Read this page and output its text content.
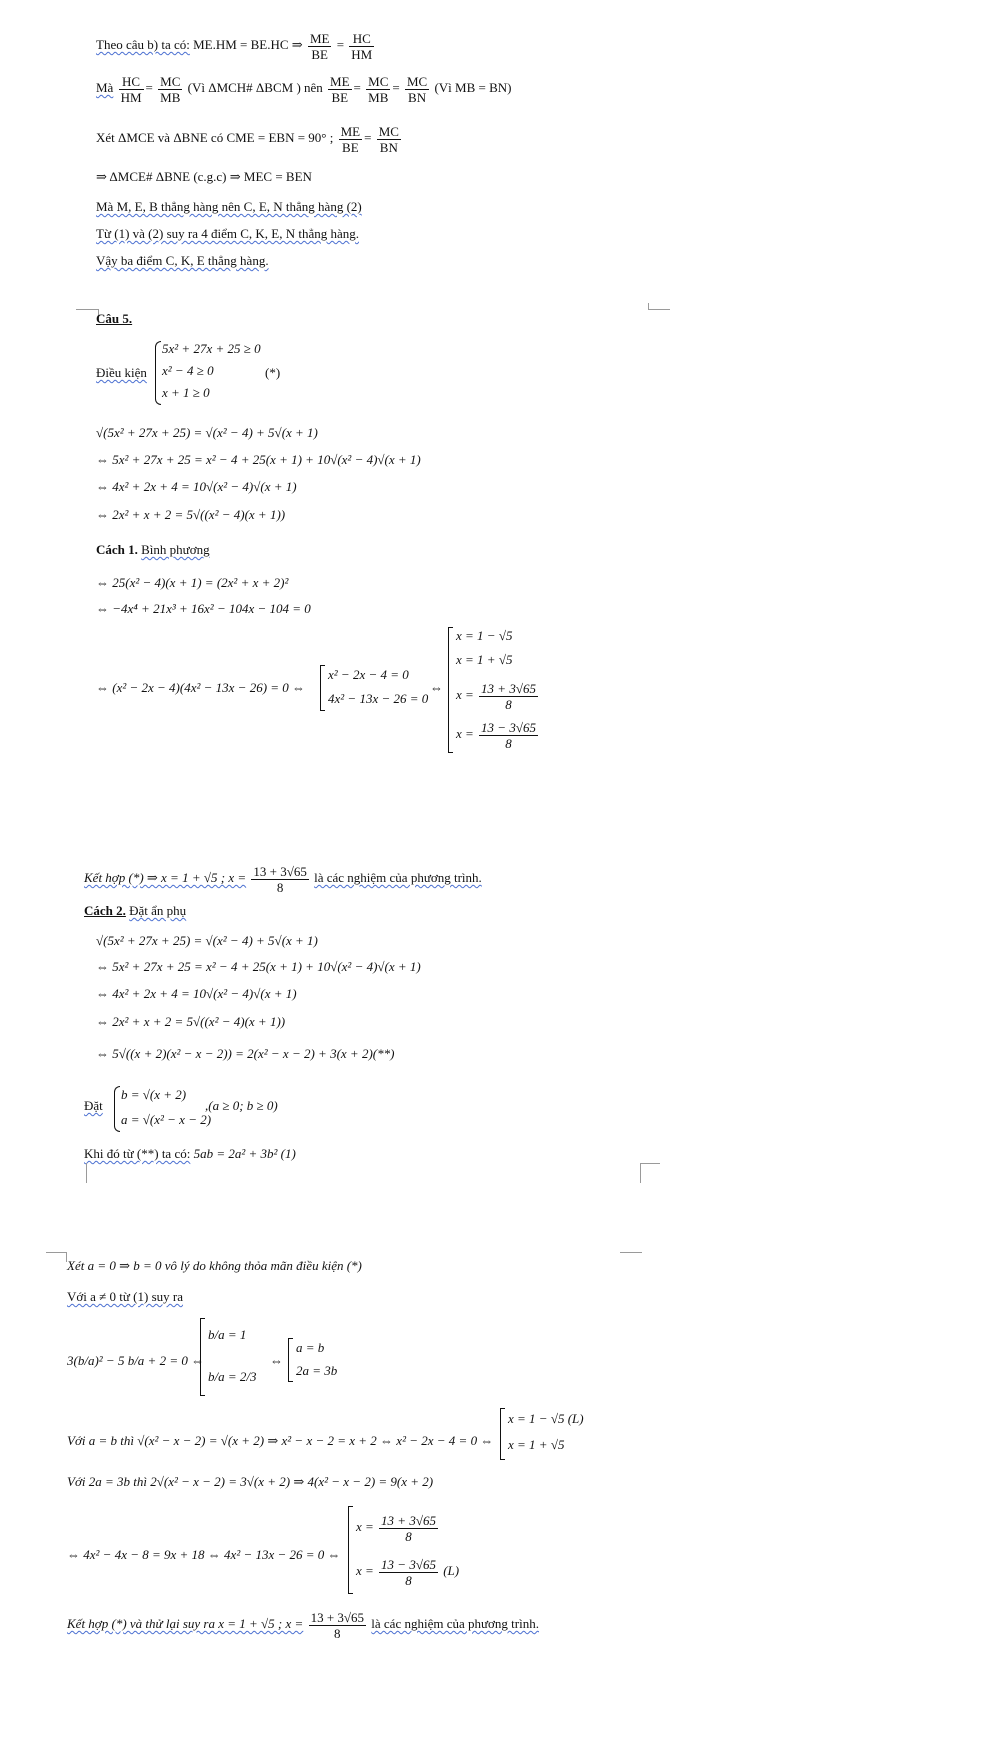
Theo câu b) ta có: ME.HM = BE.HC ⇒ $\frac{ME}{BE} = \frac{HC}{HM}$
Mà $\frac{HC}{HM} = \frac{MC}{MB}$ (Vì ΔMCH# ΔBCM ) nên $\frac{ME}{BE} = \frac{MC}{MB} = \frac{MC}{BN}$ (Vì MB = BN)
Xét ΔMCE và ΔBNE có CME = EBN = 90° ; $\frac{ME}{BE} = \frac{MC}{BN}$
⇒ ΔMCE# ΔBNE (c.g.c) ⇒ MEC = BEN
Mà M, E, B thẳng hàng nên C, E, N thẳng hàng (2)
Từ (1) và (2) suy ra 4 điểm C, K, E, N thẳng hàng.
Vậy ba điểm C, K, E thẳng hàng.
Câu 5.
Điều kiện
5x² + 27x + 25 ≥ 0
x² − 4 ≥ 0
x + 1 ≥ 0
(*)
√(5x² + 27x + 25) = √(x² − 4) + 5√(x + 1)
⇔ 5x² + 27x + 25 = x² − 4 + 25(x + 1) + 10√(x² − 4)√(x + 1)
⇔ 4x² + 2x + 4 = 10√(x² − 4)√(x + 1)
⇔ 2x² + x + 2 = 5√((x² − 4)(x + 1))
Cách 1. Bình phương
⇔ 25(x² − 4)(x + 1) = (2x² + x + 2)²
⇔ −4x⁴ + 21x³ + 16x² − 104x − 104 = 0
⇔ (x² − 2x − 4)(4x² − 13x − 26) = 0 ⇔
x² − 2x − 4 = 0
4x² − 13x − 26 = 0
⇔
x = 1 − √5
x = 1 + √5
$x = \frac{13 + 3√65}{8}$
$x = \frac{13 - 3√65}{8}$
Kết hợp (*) ⇒ x = 1 + √5 ; $x = \frac{13 + 3√65}{8}$ là các nghiệm của phương trình.
Cách 2. Đặt ẩn phụ
√(5x² + 27x + 25) = √(x² − 4) + 5√(x + 1)
⇔ 5x² + 27x + 25 = x² − 4 + 25(x + 1) + 10√(x² − 4)√(x + 1)
⇔ 4x² + 2x + 4 = 10√(x² − 4)√(x + 1)
⇔ 2x² + x + 2 = 5√((x² − 4)(x + 1))
⇔ 5√((x + 2)(x² − x − 2)) = 2(x² − x − 2) + 3(x + 2)(**)
Đặt
b = √(x + 2)
a = √(x² − x − 2)
,(a ≥ 0; b ≥ 0)
Khi đó từ (**) ta có: 5ab = 2a² + 3b² (1)
Xét a = 0 ⇒ b = 0 vô lý do không thỏa mãn điều kiện (*)
Với a ≠ 0 từ (1) suy ra
3(b/a)² − 5 b/a + 2 = 0 ⇔
b/a = 1
b/a = 2/3
⇔
a = b
2a = 3b
Với a = b thì √(x² − x − 2) = √(x + 2) ⇒ x² − x − 2 = x + 2 ⇔ x² − 2x − 4 = 0 ⇔
x = 1 − √5 (L)
x = 1 + √5
Với 2a = 3b thì 2√(x² − x − 2) = 3√(x + 2) ⇒ 4(x² − x − 2) = 9(x + 2)
⇔ 4x² − 4x − 8 = 9x + 18 ⇔ 4x² − 13x − 26 = 0 ⇔
$x = \frac{13 + 3√65}{8}$
$x = \frac{13 - 3√65}{8} (L)$
Kết hợp (*) và thử lại suy ra x = 1 + √5 ; $x = \frac{13 + 3√65}{8}$ là các nghiệm của phương trình.
